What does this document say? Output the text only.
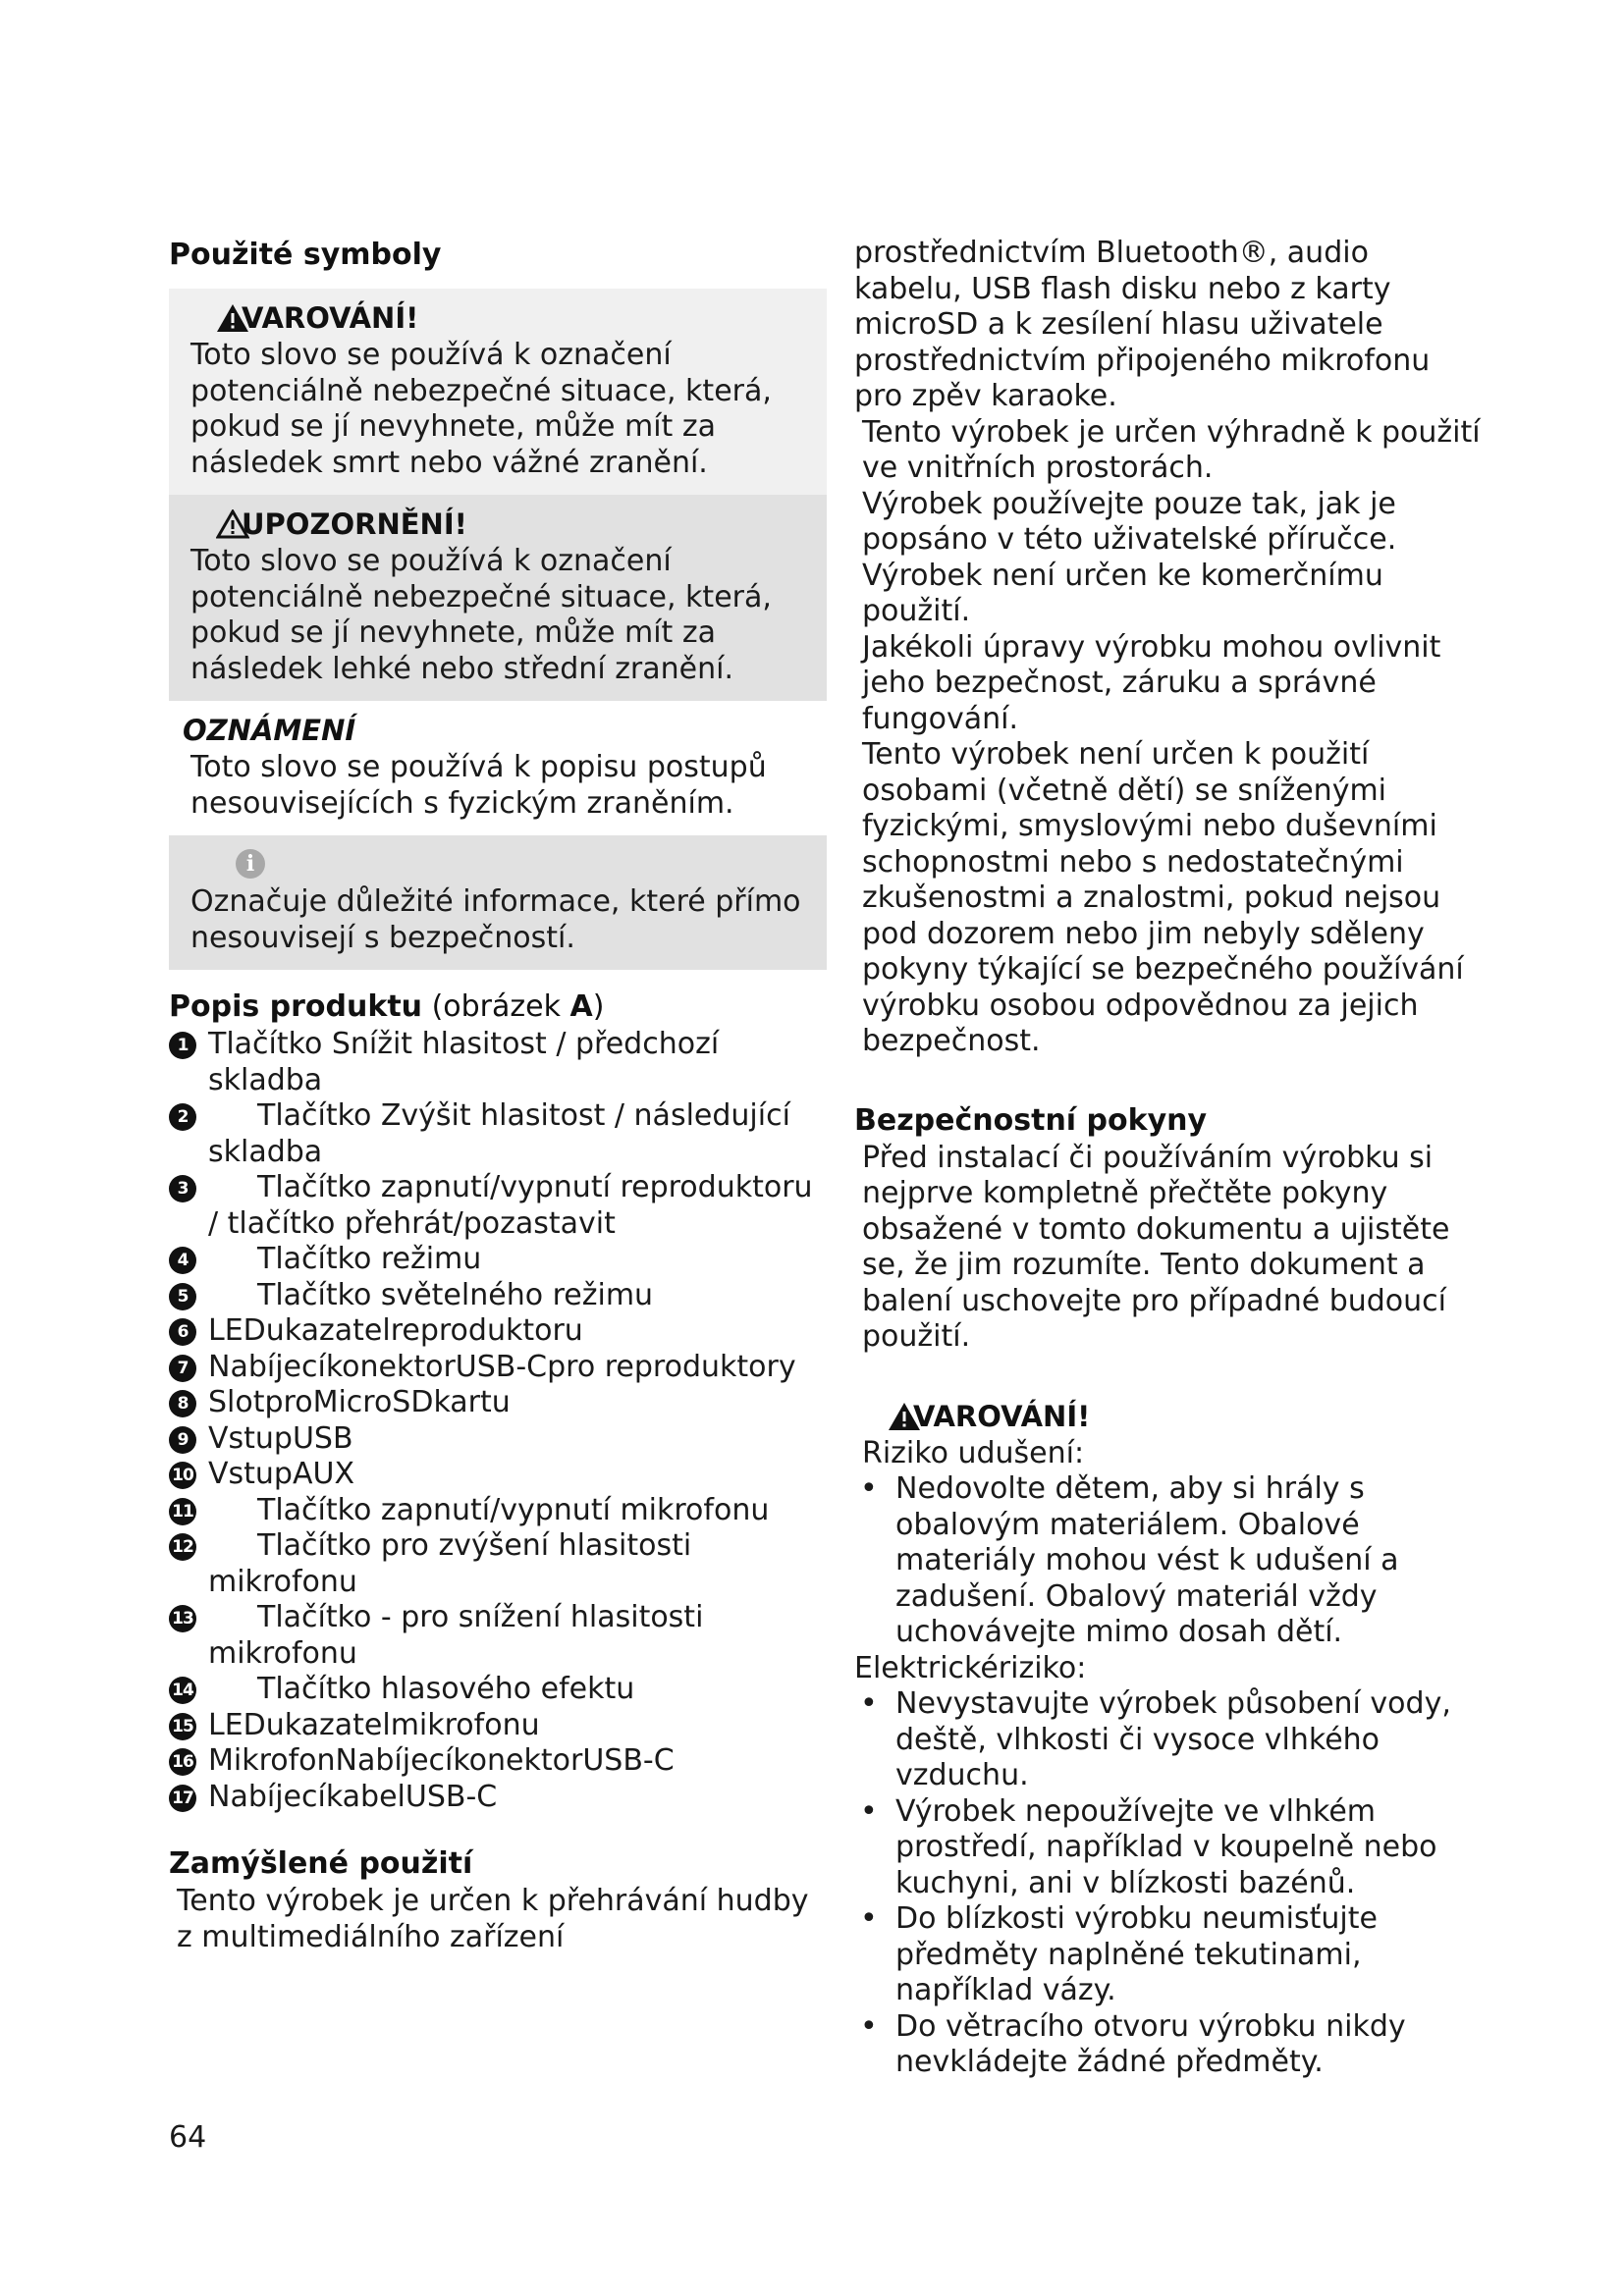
Použité symboly

VAROVÁNÍ!

Toto slovo se používá k označení potenciálně nebezpečné situace, která, pokud se jí nevyhnete, může mít za následek smrt nebo vážné zranění.

UPOZORNĚNÍ!

Toto slovo se používá k označení potenciálně nebezpečné situace, která, pokud se jí nevyhnete, může mít za následek lehké nebo střední zranění.

OZNÁMENÍ

Toto slovo se používá k popisu postupů nesouvisejících s fyzickým zraněním.

i

Označuje důležité informace, které přímo nesouvisejí s bezpečností.

Popis produktu (obrázek A)

1 Tlačítko Snížit hlasitost / předchozí skladba
2 Tlačítko Zvýšit hlasitost / následující skladba
3 Tlačítko zapnutí/vypnutí reproduktoru / tlačítko přehrát/pozastavit
4 Tlačítko režimu
5 Tlačítko světelného režimu
6 LEDukazatelreproduktoru
7 NabíjecíkonektorUSB-Cpro reproduktory
8 SlotproMicroSDkartu
9 VstupUSB
10 VstupAUX
11 Tlačítko zapnutí/vypnutí mikrofonu
12 Tlačítko pro zvýšení hlasitosti mikrofonu
13 Tlačítko - pro snížení hlasitosti mikrofonu
14 Tlačítko hlasového efektu
15 LEDukazatelmikrofonu
16 MikrofonNabíjecíkonektorUSB-C
17 NabíjecíkabelUSB-C

Zamýšlené použití

Tento výrobek je určen k přehrávání hudby z multimediálního zařízení

prostřednictvím Bluetooth®, audio kabelu, USB flash disku nebo z karty microSD a k zesílení hlasu uživatele prostřednictvím připojeného mikrofonu pro zpěv karaoke.

Tento výrobek je určen výhradně k použití ve vnitřních prostorách.

Výrobek používejte pouze tak, jak je popsáno v této uživatelské příručce.

Výrobek není určen ke komerčnímu použití.

Jakékoli úpravy výrobku mohou ovlivnit jeho bezpečnost, záruku a správné fungování.

Tento výrobek není určen k použití osobami (včetně dětí) se sníženými fyzickými, smyslovými nebo duševními schopnostmi nebo s nedostatečnými zkušenostmi a znalostmi, pokud nejsou pod dozorem nebo jim nebyly sděleny pokyny týkající se bezpečného používání výrobku osobou odpovědnou za jejich bezpečnost.

Bezpečnostní pokyny

Před instalací či používáním výrobku si nejprve kompletně přečtěte pokyny obsažené v tomto dokumentu a ujistěte se, že jim rozumíte. Tento dokument a balení uschovejte pro případné budoucí použití.

VAROVÁNÍ!

Riziko udušení:

• Nedovolte dětem, aby si hrály s obalovým materiálem. Obalové materiály mohou vést k udušení a zadušení. Obalový materiál vždy uchovávejte mimo dosah dětí.

Elektrickériziko:

• Nevystavujte výrobek působení vody, deště, vlhkosti či vysoce vlhkého vzduchu.
• Výrobek nepoužívejte ve vlhkém prostředí, například v koupelně nebo kuchyni, ani v blízkosti bazénů.
• Do blízkosti výrobku neumisťujte předměty naplněné tekutinami, například vázy.
• Do větracího otvoru výrobku nikdy nevkládejte žádné předměty.
64
